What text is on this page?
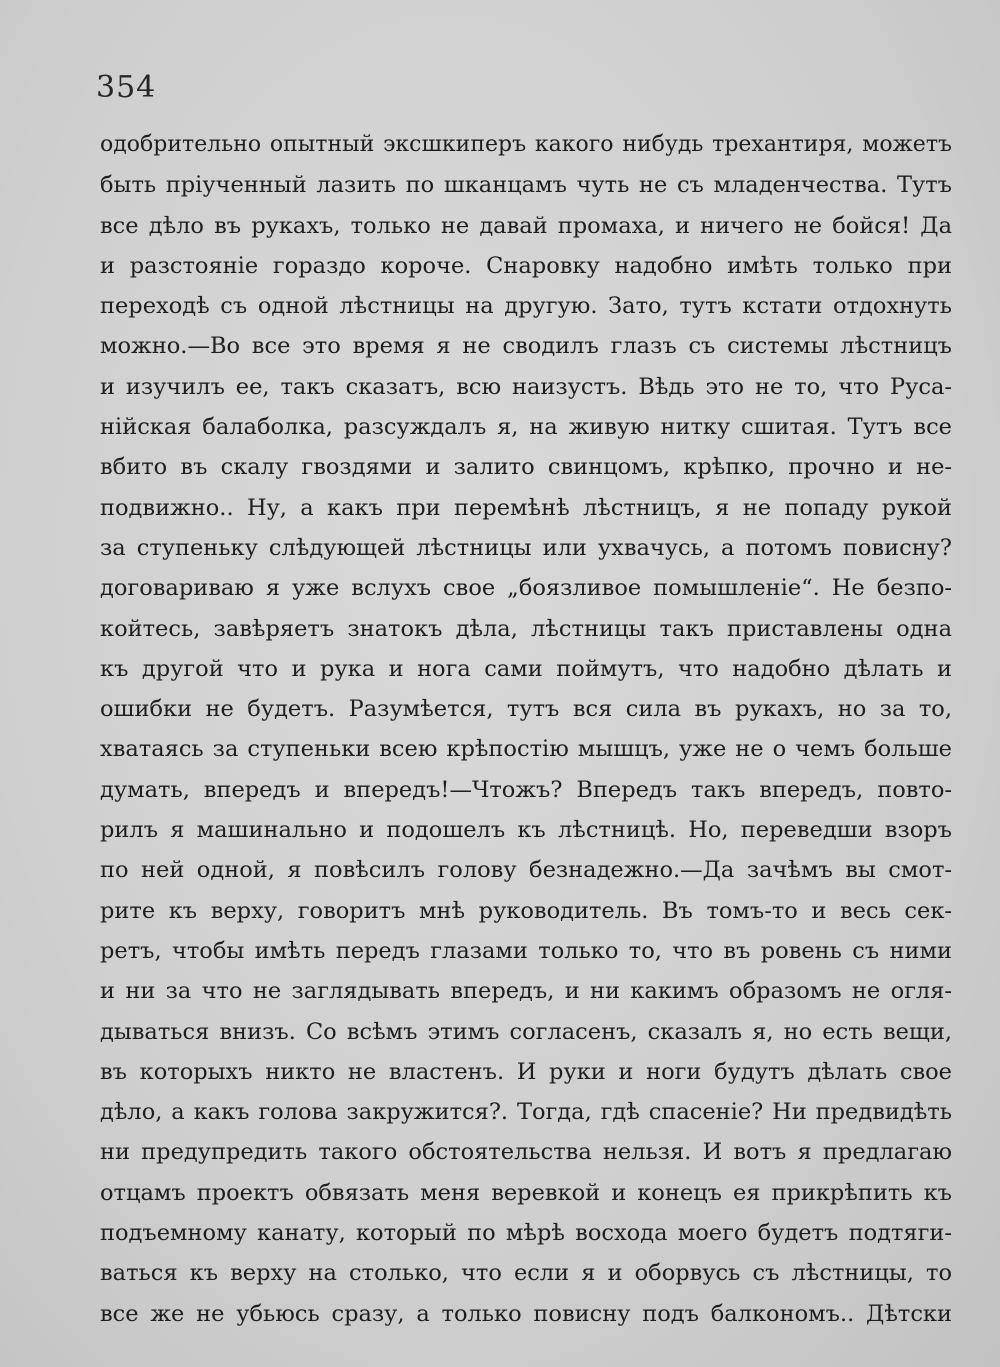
354
одобрительно опытный эксшкиперъ какого нибудь трехантиря, можетъ
быть пріученный лазить по шканцамъ чуть не съ младенчества. Тутъ
все дѣло въ рукахъ, только не давай промаха, и ничего не бойся! Да
и разстояніе гораздо короче. Снаровку надобно имѣть только при
переходѣ съ одной лѣстницы на другую. Зато, тутъ кстати отдохнуть
можно.—Во все это время я не сводилъ глазъ съ системы лѣстницъ
и изучилъ ее, такъ сказатъ, всю наизустъ. Вѣдь это не то, что Руса-
нійская балаболка, разсуждалъ я, на живую нитку сшитая. Тутъ все
вбито въ скалу гвоздями и залито свинцомъ, крѣпко, прочно и не-
подвижно.. Ну, а какъ при перемѣнѣ лѣстницъ, я не попаду рукой
за ступеньку слѣдующей лѣстницы или ухвачусь, а потомъ повисну?
договариваю я уже вслухъ свое „боязливое помышленіе“. Не безпо-
койтесь, завѣряетъ знатокъ дѣла, лѣстницы такъ приставлены одна
къ другой что и рука и нога сами поймутъ, что надобно дѣлать и
ошибки не будетъ. Разумѣется, тутъ вся сила въ рукахъ, но за то,
хватаясь за ступеньки всею крѣпостію мышцъ, уже не о чемъ больше
думать, впередъ и впередъ!—Чтожъ? Впередъ такъ впередъ, повто-
рилъ я машинально и подошелъ къ лѣстницѣ. Но, переведши взоръ
по ней одной, я повѣсилъ голову безнадежно.—Да зачѣмъ вы смот-
рите къ верху, говоритъ мнѣ руководитель. Въ томъ-то и весь сек-
ретъ, чтобы имѣть передъ глазами только то, что въ ровень съ ними
и ни за что не заглядывать впередъ, и ни какимъ образомъ не огля-
дываться внизъ. Со всѣмъ этимъ согласенъ, сказалъ я, но есть вещи,
въ которыхъ никто не властенъ. И руки и ноги будутъ дѣлать свое
дѣло, а какъ голова закружится?. Тогда, гдѣ спасеніе? Ни предвидѣть
ни предупредить такого обстоятельства нельзя. И вотъ я предлагаю
отцамъ проектъ обвязать меня веревкой и конецъ ея прикрѣпить къ
подъемному канату, который по мѣрѣ восхода моего будетъ подтяги-
ваться къ верху на столько, что если я и оборвусь съ лѣстницы, то
все же не убьюсь сразу, а только повисну подъ балкономъ.. Дѣтски
